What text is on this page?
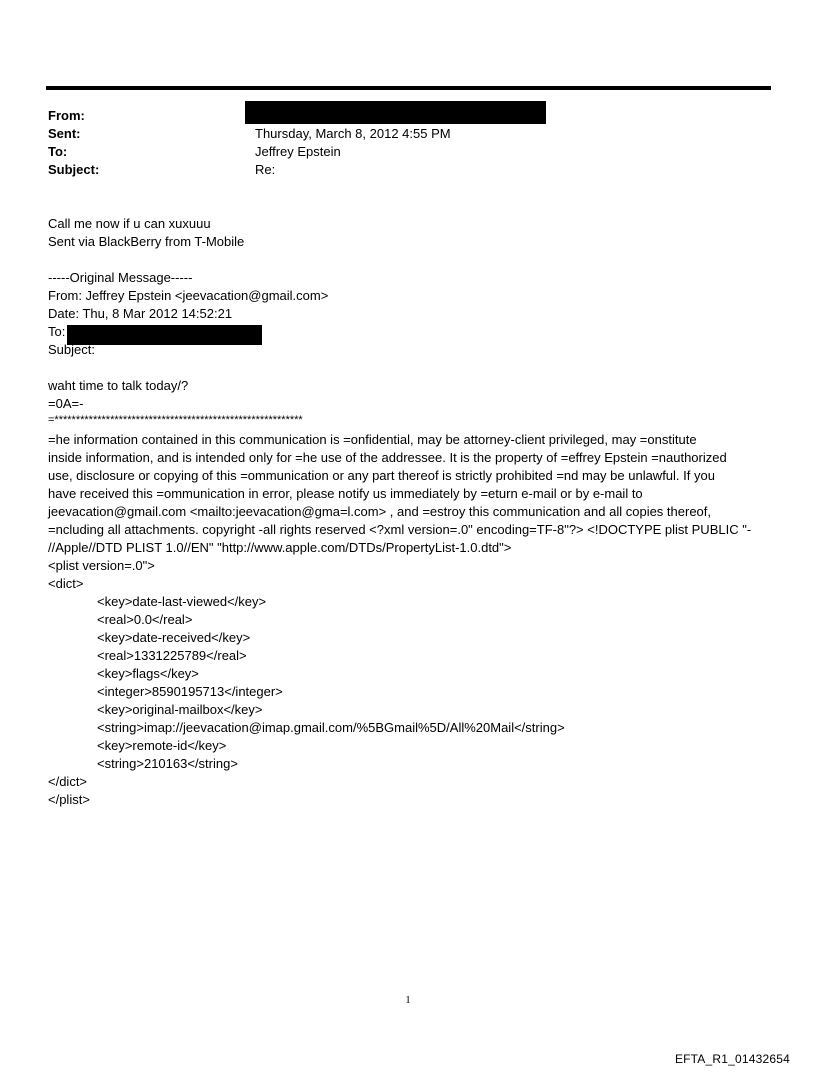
From:
Sent:	Thursday, March 8, 2012 4:55 PM
To:	Jeffrey Epstein
Subject:	Re:
Call me now if u can xuxuuu
Sent via BlackBerry from T-Mobile
-----Original Message-----
From: Jeffrey Epstein <jeevacation@gmail.com>
Date: Thu, 8 Mar 2012 14:52:21
To:
Subject:
waht time to talk today/?
=0A=-
=**********************************************************
=he information contained in this communication is =onfidential, may be attorney-client privileged, may =onstitute
inside information, and is intended only for =he use of the addressee. It is the property of =effrey Epstein =nauthorized
use, disclosure or copying of this =ommunication or any part thereof is strictly prohibited =nd may be unlawful. If you
have received this =ommunication in error, please notify us immediately by =eturn e-mail or by e-mail to
jeevacation@gmail.com <mailto:jeevacation@gma=l.com> , and =estroy this communication and all copies thereof,
=ncluding all attachments. copyright -all rights reserved <?xml version=.0" encoding=TF-8"?> <!DOCTYPE plist PUBLIC "-
//Apple//DTD PLIST 1.0//EN" "http://www.apple.com/DTDs/PropertyList-1.0.dtd">
<plist version=.0">
<dict>
<key>date-last-viewed</key>
<real>0.0</real>
<key>date-received</key>
<real>1331225789</real>
<key>flags</key>
<integer>8590195713</integer>
<key>original-mailbox</key>
<string>imap://jeevacation@imap.gmail.com/%5BGmail%5D/All%20Mail</string>
<key>remote-id</key>
<string>210163</string>
</dict>
</plist>
1
EFTA_R1_01432654
